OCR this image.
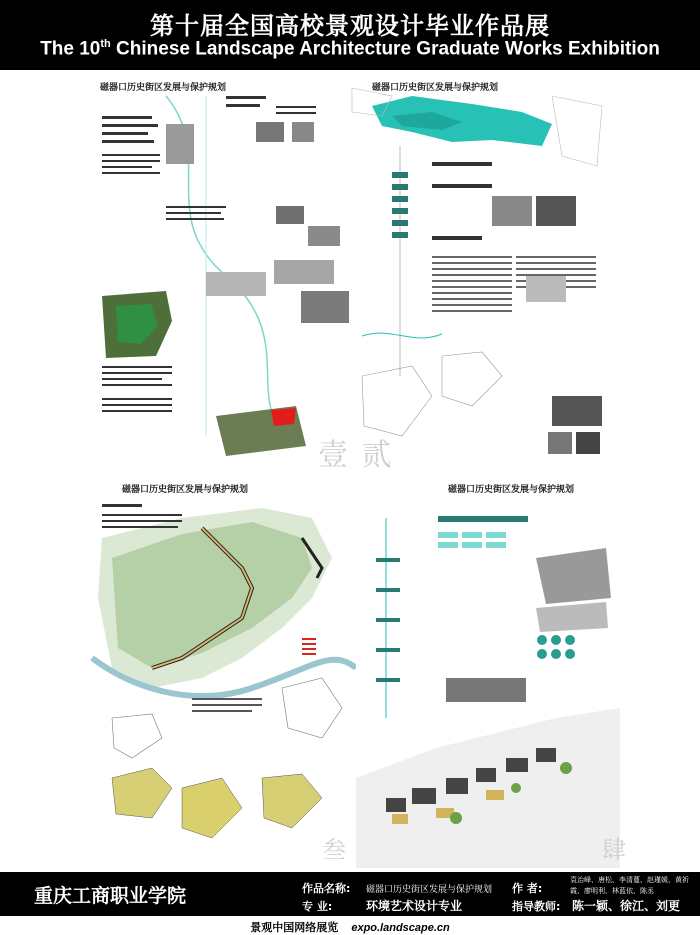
第十届全国高校景观设计毕业作品展
The 10th Chinese Landscape Architecture Graduate Works Exhibition
磁器口历史街区发展与保护规划	磁器口历史街区发展与保护规划
壹 贰
磁器口历史街区发展与保护规划	磁器口历史街区发展与保护规划
叁	肆
重庆工商职业学院	作品名称: 磁器口历史街区发展与保护规划
专 业:	环境艺术设计专业
作 者:
袁治峰、唐松、李清蔓、赵瑾媛、黄祈霞、廖明利、林蓝依、陈丞
指导教师: 陈一颖、徐江、刘更
景观中国网络展览 expo.landscape.cn
